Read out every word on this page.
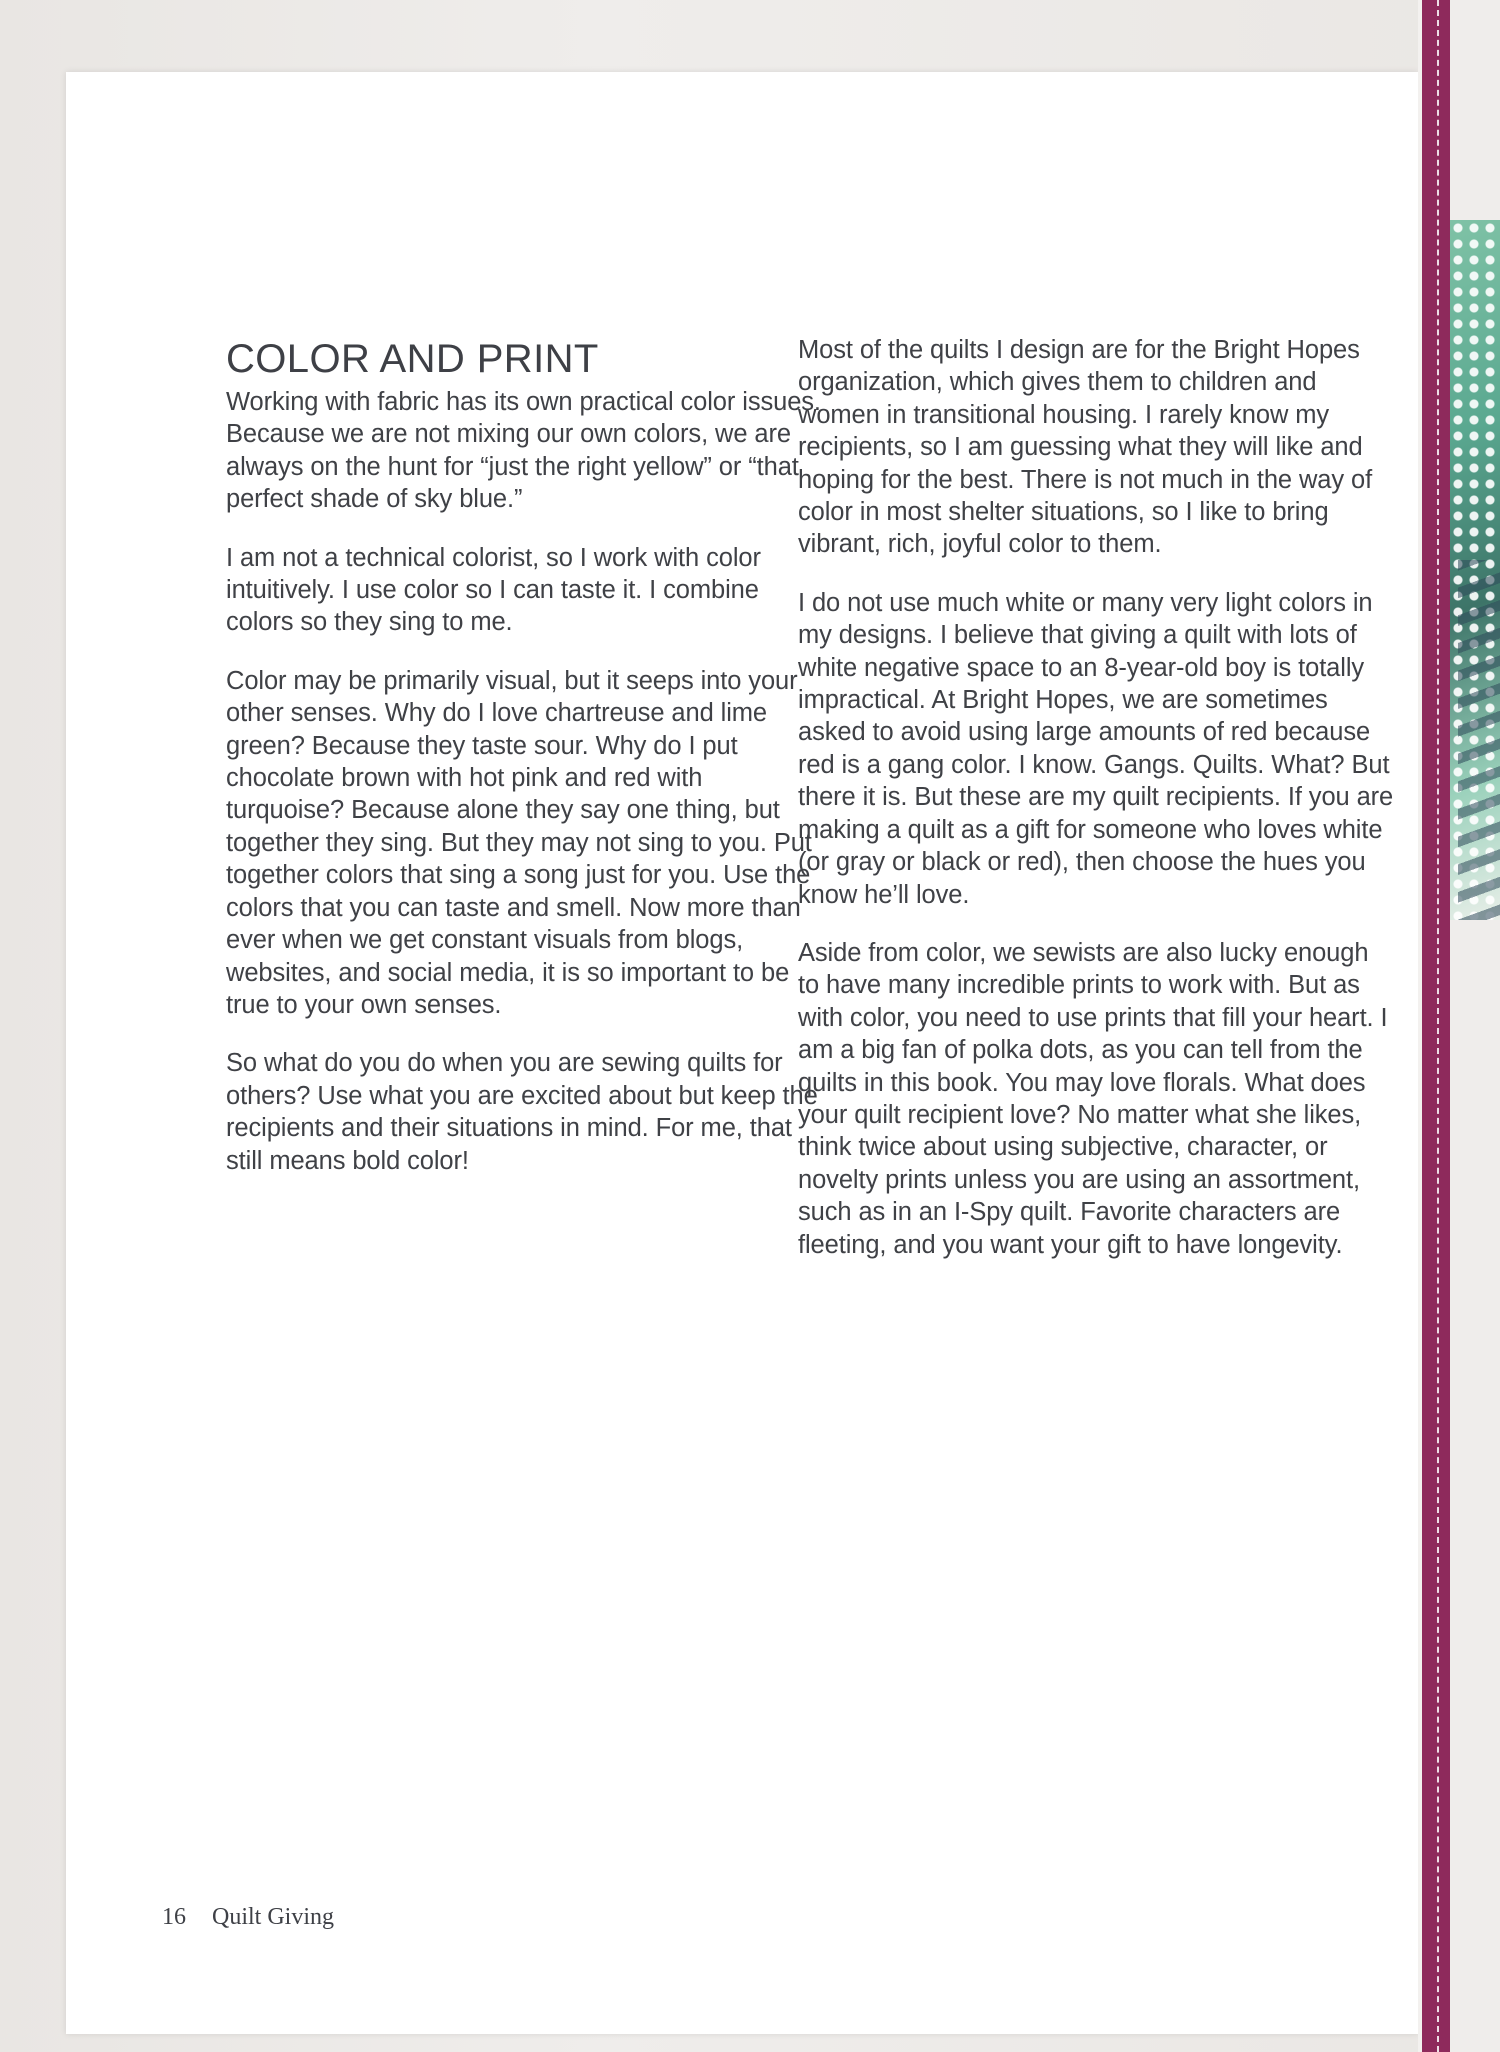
COLOR AND PRINT

Working with fabric has its own practical color issues. Because we are not mixing our own colors, we are always on the hunt for “just the right yellow” or “that perfect shade of sky blue.”

I am not a technical colorist, so I work with color intuitively. I use color so I can taste it. I combine colors so they sing to me.

Color may be primarily visual, but it seeps into your other senses. Why do I love chartreuse and lime green? Because they taste sour. Why do I put chocolate brown with hot pink and red with turquoise? Because alone they say one thing, but together they sing. But they may not sing to you. Put together colors that sing a song just for you. Use the colors that you can taste and smell. Now more than ever when we get constant visuals from blogs, websites, and social media, it is so important to be true to your own senses.

So what do you do when you are sewing quilts for others? Use what you are excited about but keep the recipients and their situations in mind. For me, that still means bold color!

Most of the quilts I design are for the Bright Hopes organization, which gives them to children and women in transitional housing. I rarely know my recipients, so I am guessing what they will like and hoping for the best. There is not much in the way of color in most shelter situations, so I like to bring vibrant, rich, joyful color to them.

I do not use much white or many very light colors in my designs. I believe that giving a quilt with lots of white negative space to an 8-year-old boy is totally impractical. At Bright Hopes, we are sometimes asked to avoid using large amounts of red because red is a gang color. I know. Gangs. Quilts. What? But there it is. But these are my quilt recipients. If you are making a quilt as a gift for someone who loves white (or gray or black or red), then choose the hues you know he’ll love.

Aside from color, we sewists are also lucky enough to have many incredible prints to work with. But as with color, you need to use prints that fill your heart. I am a big fan of polka dots, as you can tell from the quilts in this book. You may love florals. What does your quilt recipient love? No matter what she likes, think twice about using subjective, character, or novelty prints unless you are using an assortment, such as in an I-Spy quilt. Favorite characters are fleeting, and you want your gift to have longevity.

16 Quilt Giving
